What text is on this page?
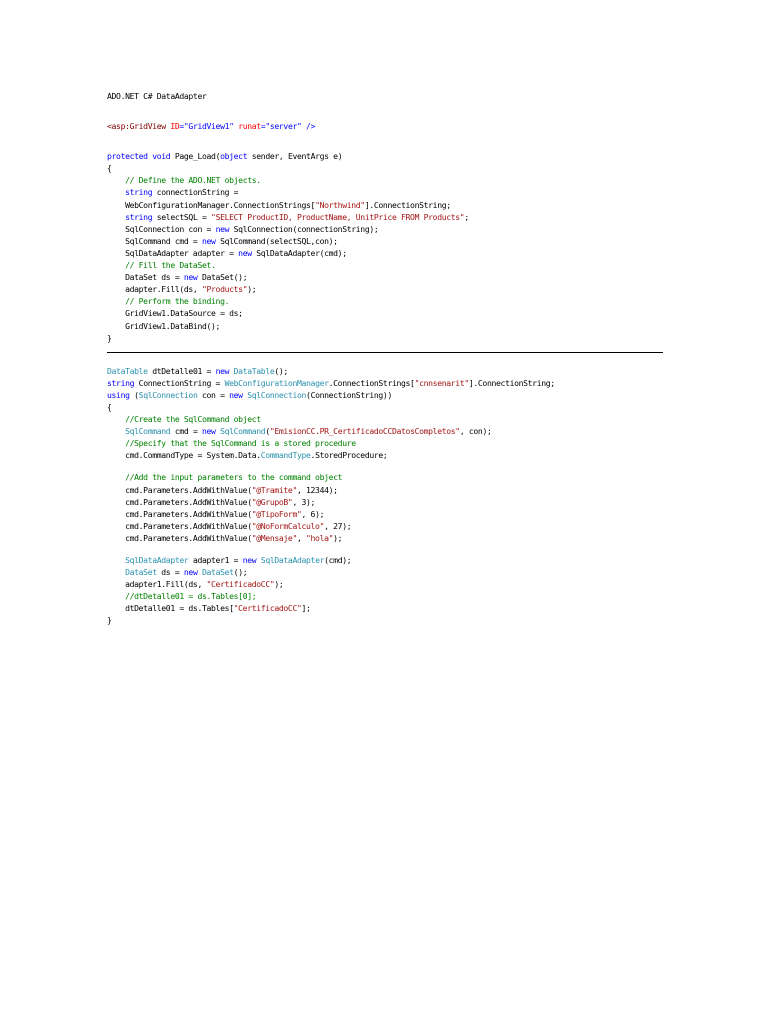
ADO.NET C# DataAdapter
<asp:GridView ID="GridView1" runat="server" />
protected void Page_Load(object sender, EventArgs e)
{
// Define the ADO.NET objects.
string connectionString =
WebConfigurationManager.ConnectionStrings["Northwind"].ConnectionString;
string selectSQL = "SELECT ProductID, ProductName, UnitPrice FROM Products";
SqlConnection con = new SqlConnection(connectionString);
SqlCommand cmd = new SqlCommand(selectSQL,con);
SqlDataAdapter adapter = new SqlDataAdapter(cmd);
// Fill the DataSet.
DataSet ds = new DataSet();
adapter.Fill(ds, "Products");
// Perform the binding.
GridView1.DataSource = ds;
GridView1.DataBind();
}
DataTable dtDetalle01 = new DataTable();
string ConnectionString = WebConfigurationManager.ConnectionStrings["cnnsenarit"].ConnectionString;
using (SqlConnection con = new SqlConnection(ConnectionString))
{
//Create the SqlCommand object
SqlCommand cmd = new SqlCommand("EmisionCC.PR_CertificadoCCDatosCompletos", con);
//Specify that the SqlCommand is a stored procedure
cmd.CommandType = System.Data.CommandType.StoredProcedure;
//Add the input parameters to the command object
cmd.Parameters.AddWithValue("@Tramite", 12344);
cmd.Parameters.AddWithValue("@GrupoB", 3);
cmd.Parameters.AddWithValue("@TipoForm", 6);
cmd.Parameters.AddWithValue("@NoFormCalculo", 27);
cmd.Parameters.AddWithValue("@Mensaje", "hola");
SqlDataAdapter adapter1 = new SqlDataAdapter(cmd);
DataSet ds = new DataSet();
adapter1.Fill(ds, "CertificadoCC");
//dtDetalle01 = ds.Tables[0];
dtDetalle01 = ds.Tables["CertificadoCC"];
}
